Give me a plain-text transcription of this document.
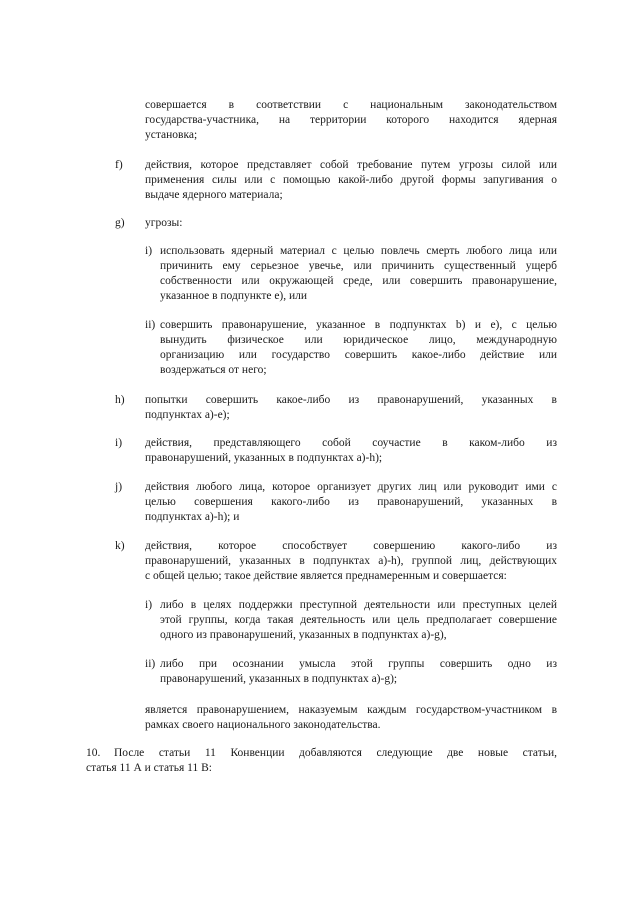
совершается в соответствии с национальным законодательством
государства-участника, на территории которого находится ядерная
установка;
f) действия, которое представляет собой требование путем угрозы силой или
применения силы или с помощью какой-либо другой формы запугивания о
выдаче ядерного материала;
g) угрозы:
i) использовать ядерный материал с целью повлечь смерть любого лица или
причинить ему серьезное увечье, или причинить существенный ущерб
собственности или окружающей среде, или совершить правонарушение,
указанное в подпункте е), или
ii) совершить правонарушение, указанное в подпунктах b) и е), с целью
вынудить физическое или юридическое лицо, международную
организацию или государство совершить какое-либо действие или
воздержаться от него;
h) попытки совершить какое-либо из правонарушений, указанных в
подпунктах а)-е);
i) действия, представляющего собой соучастие в каком-либо из
правонарушений, указанных в подпунктах а)-h);
j) действия любого лица, которое организует других лиц или руководит ими с
целью совершения какого-либо из правонарушений, указанных в
подпунктах а)-h); и
k) действия, которое способствует совершению какого-либо из
правонарушений, указанных в подпунктах а)-h), группой лиц, действующих
с общей целью; такое действие является преднамеренным и совершается:
i) либо в целях поддержки преступной деятельности или преступных целей
этой группы, когда такая деятельность или цель предполагает совершение
одного из правонарушений, указанных в подпунктах а)-g),
ii) либо при осознании умысла этой группы совершить одно из
правонарушений, указанных в подпунктах а)-g);
является правонарушением, наказуемым каждым государством-участником в
рамках своего национального законодательства.
10.	После статьи 11 Конвенции добавляются следующие две новые статьи,
статья 11 А и статья 11 В:
